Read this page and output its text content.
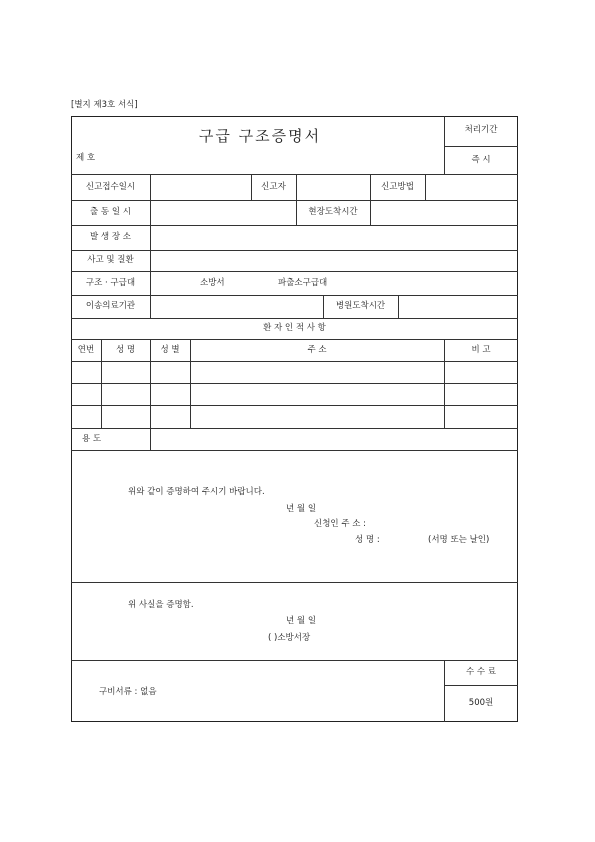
[별지 제3호 서식]
구급 구조증명서
제 호
처리기간
즉 시
신고접수일시	신고자	신고방법
출 동 일 시	현장도착시간
발 생 장 소
사고 및 질환
구조 · 구급대	소방서	파출소구급대
이송의료기관	병원도착시간
환 자 인 적 사 항
연번	성 명	성 별	주 소	비 고
용 도
위와 같이 증명하여 주시기 바랍니다.
년 월 일
신청인 주 소 :
성 명 :	(서명 또는 날인)
위 사실을 증명함.
년 월 일
( )소방서장
구비서류 : 없음
수 수 료
500원
